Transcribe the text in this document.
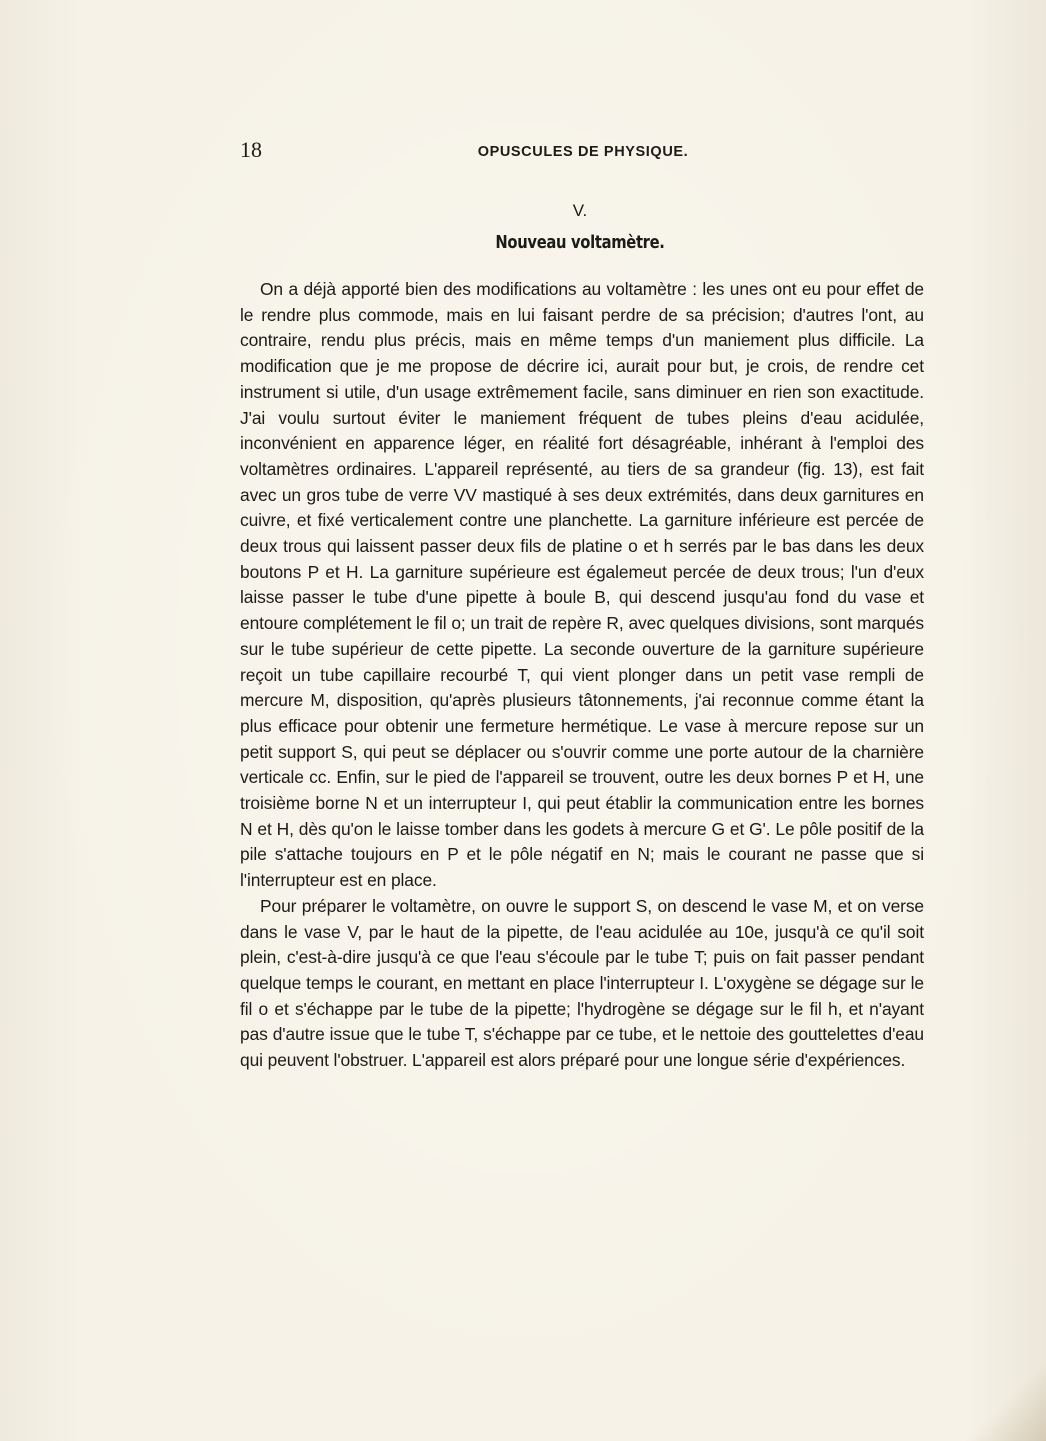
18	OPUSCULES DE PHYSIQUE.
V.
Nouveau voltamètre.

On a déjà apporté bien des modifications au voltamètre : les unes ont eu pour effet de le rendre plus commode, mais en lui faisant perdre de sa précision; d'autres l'ont, au contraire, rendu plus précis, mais en même temps d'un maniement plus difficile. La modification que je me propose de décrire ici, aurait pour but, je crois, de rendre cet instrument si utile, d'un usage extrêmement facile, sans diminuer en rien son exactitude. J'ai voulu surtout éviter le maniement fréquent de tubes pleins d'eau acidulée, inconvénient en apparence léger, en réalité fort désagréable, inhérant à l'emploi des voltamètres ordinaires. L'appareil représenté, au tiers de sa grandeur (fig. 13), est fait avec un gros tube de verre VV mastiqué à ses deux extrémités, dans deux garnitures en cuivre, et fixé verticalement contre une planchette. La garniture inférieure est percée de deux trous qui laissent passer deux fils de platine o et h serrés par le bas dans les deux boutons P et H. La garniture supérieure est égalemeut percée de deux trous; l'un d'eux laisse passer le tube d'une pipette à boule B, qui descend jusqu'au fond du vase et entoure complétement le fil o; un trait de repère R, avec quelques divisions, sont marqués sur le tube supérieur de cette pipette. La seconde ouverture de la garniture supérieure reçoit un tube capillaire recourbé T, qui vient plonger dans un petit vase rempli de mercure M, disposition, qu'après plusieurs tâtonnements, j'ai reconnue comme étant la plus efficace pour obtenir une fermeture hermétique. Le vase à mercure repose sur un petit support S, qui peut se déplacer ou s'ouvrir comme une porte autour de la charnière verticale cc. Enfin, sur le pied de l'appareil se trouvent, outre les deux bornes P et H, une troisième borne N et un interrupteur I, qui peut établir la communication entre les bornes N et H, dès qu'on le laisse tomber dans les godets à mercure G et G'. Le pôle positif de la pile s'attache toujours en P et le pôle négatif en N; mais le courant ne passe que si l'interrupteur est en place.

Pour préparer le voltamètre, on ouvre le support S, on descend le vase M, et on verse dans le vase V, par le haut de la pipette, de l'eau acidulée au 10e, jusqu'à ce qu'il soit plein, c'est-à-dire jusqu'à ce que l'eau s'écoule par le tube T; puis on fait passer pendant quelque temps le courant, en mettant en place l'interrupteur I. L'oxygène se dégage sur le fil o et s'échappe par le tube de la pipette; l'hydrogène se dégage sur le fil h, et n'ayant pas d'autre issue que le tube T, s'échappe par ce tube, et le nettoie des gouttelettes d'eau qui peuvent l'obstruer. L'appareil est alors préparé pour une longue série d'expériences.
